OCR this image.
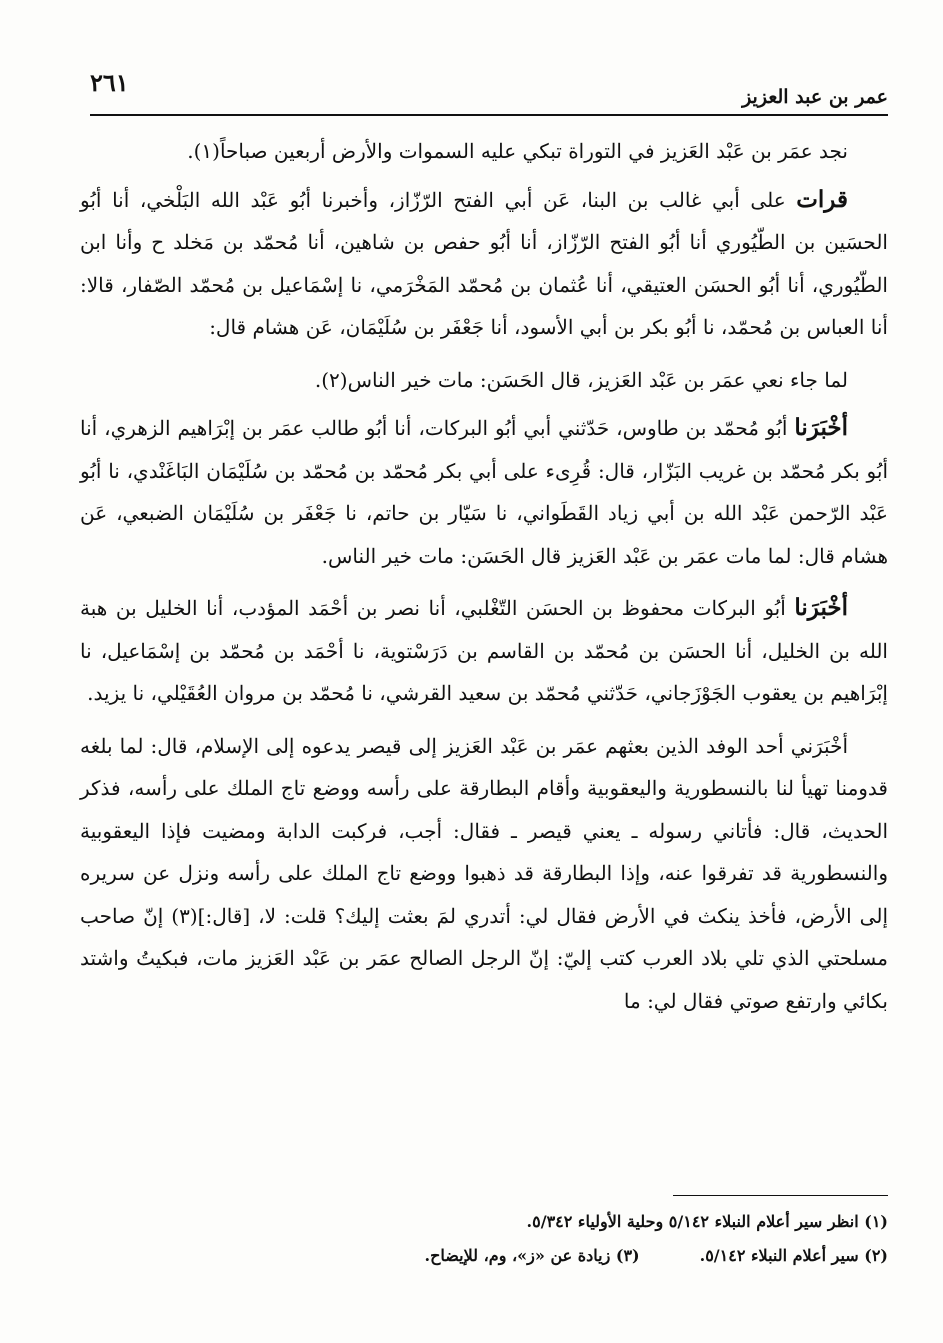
٢٦١	عمر بن عبد العزيز

نجد عمَر بن عَبْد العَزيز في التوراة تبكي عليه السموات والأرض أربعين صباحاً(١).

قرات على أبي غالب بن البنا، عَن أبي الفتح الرّزّاز، وأخبرنا أبُو عَبْد الله البَلْخي، أنا أبُو الحسَين بن الطّيُوري أنا أبُو الفتح الرّزّاز، أنا أبُو حفص بن شاهين، أنا مُحمّد بن مَخلد ح وأنا ابن الطّيُوري، أنا أبُو الحسَن العتيقي، أنا عُثمان بن مُحمّد المَخْرَمي، نا إسْمَاعيل بن مُحمّد الصّفار، قالا: أنا العباس بن مُحمّد، نا أبُو بكر بن أبي الأسود، أنا جَعْفَر بن سُلَيْمَان، عَن هشام قال:

لما جاء نعي عمَر بن عَبْد العَزيز، قال الحَسَن: مات خير الناس(٢).

أخْبَرَنا أبُو مُحمّد بن طاوس، حَدّثني أبي أبُو البركات، أنا أبُو طالب عمَر بن إبْرَاهيم الزهري، أنا أبُو بكر مُحمّد بن غريب البَزّار، قال: قُرِىء على أبي بكر مُحمّد بن مُحمّد بن سُلَيْمَان البَاغَنْدي، نا أبُو عَبْد الرّحمن عَبْد الله بن أبي زياد القَطَواني، نا سَيّار بن حاتم، نا جَعْفَر بن سُلَيْمَان الضبعي، عَن هشام قال: لما مات عمَر بن عَبْد العَزيز قال الحَسَن: مات خير الناس.

أخْبَرَنا أبُو البركات محفوظ بن الحسَن التّغْلبي، أنا نصر بن أحْمَد المؤدب، أنا الخليل بن هبة الله بن الخليل، أنا الحسَن بن مُحمّد بن القاسم بن دَرَسْتوية، نا أحْمَد بن مُحمّد بن إسْمَاعيل، نا إبْرَاهيم بن يعقوب الجَوْزَجاني، حَدّثني مُحمّد بن سعيد القرشي، نا مُحمّد بن مروان العُقَيْلي، نا يزيد.

أخْبَرَني أحد الوفد الذين بعثهم عمَر بن عَبْد العَزيز إلى قيصر يدعوه إلى الإسلام، قال: لما بلغه قدومنا تهيأ لنا بالنسطورية واليعقوبية وأقام البطارقة على رأسه ووضع تاج الملك على رأسه، فذكر الحديث، قال: فأتاني رسوله ـ يعني قيصر ـ فقال: أجب، فركبت الدابة ومضيت فإذا اليعقوبية والنسطورية قد تفرقوا عنه، وإذا البطارقة قد ذهبوا ووضع تاج الملك على رأسه ونزل عن سريره إلى الأرض، فأخذ ينكث في الأرض فقال لي: أتدري لمَ بعثت إليك؟ قلت: لا، [قال:](٣) إنّ صاحب مسلحتي الذي تلي بلاد العرب كتب إليّ: إنّ الرجل الصالح عمَر بن عَبْد العَزيز مات، فبكيتُ واشتد بكائي وارتفع صوتي فقال لي: ما

(١) انظر سير أعلام النبلاء ٥/١٤٢ وحلية الأولياء ٥/٣٤٢.
(٢) سير أعلام النبلاء ٥/١٤٢.
(٣) زيادة عن «ز»، وم، للإيضاح.
